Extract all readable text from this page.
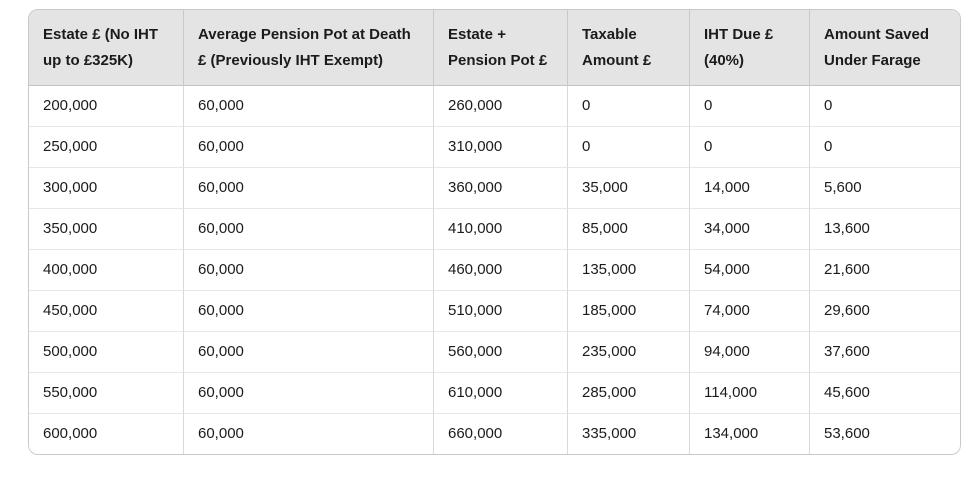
Estate £ (No IHT up to £325K)	Average Pension Pot at Death £ (Previously IHT Exempt)	Estate + Pension Pot £	Taxable Amount £	IHT Due £ (40%)	Amount Saved Under Farage
200,000	60,000	260,000	0	0	0
250,000	60,000	310,000	0	0	0
300,000	60,000	360,000	35,000	14,000	5,600
350,000	60,000	410,000	85,000	34,000	13,600
400,000	60,000	460,000	135,000	54,000	21,600
450,000	60,000	510,000	185,000	74,000	29,600
500,000	60,000	560,000	235,000	94,000	37,600
550,000	60,000	610,000	285,000	114,000	45,600
600,000	60,000	660,000	335,000	134,000	53,600
